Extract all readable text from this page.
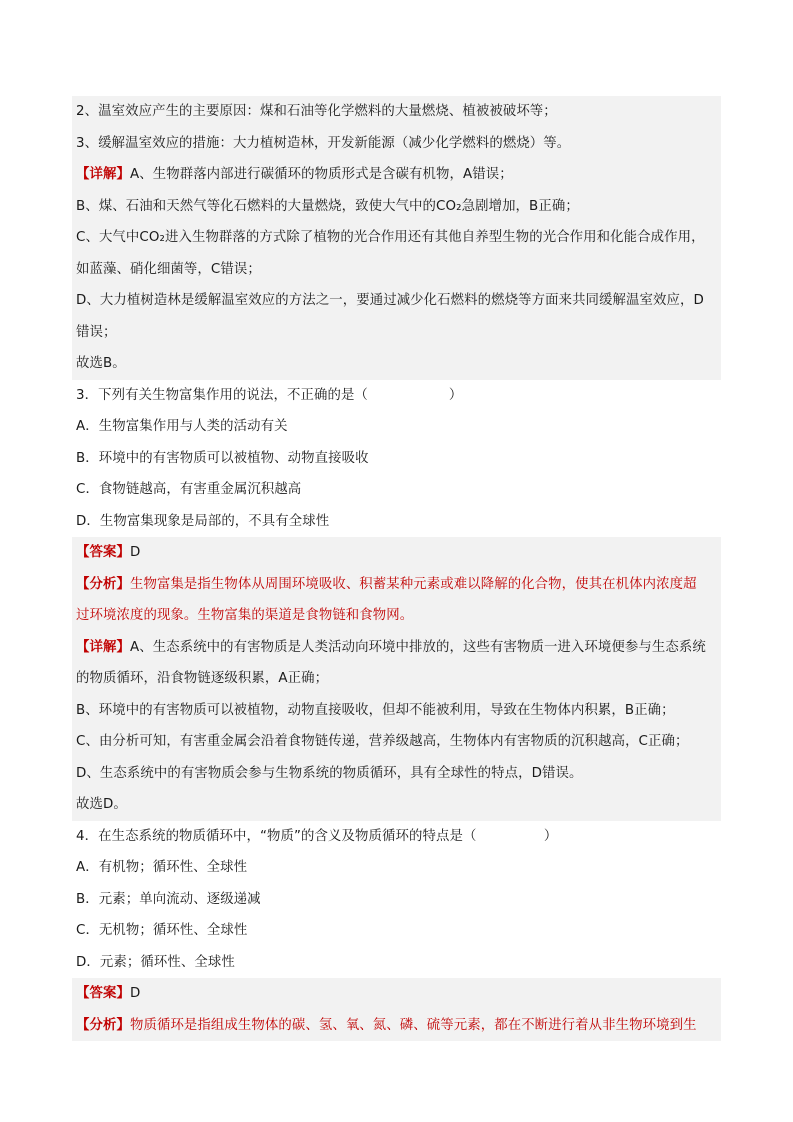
2、温室效应产生的主要原因：煤和石油等化学燃料的大量燃烧、植被被破坏等；
3、缓解温室效应的措施：大力植树造林，开发新能源（减少化学燃料的燃烧）等。
【详解】A、生物群落内部进行碳循环的物质形式是含碳有机物，A错误；
B、煤、石油和天然气等化石燃料的大量燃烧，致使大气中的CO₂急剧增加，B正确；
C、大气中CO₂进入生物群落的方式除了植物的光合作用还有其他自养型生物的光合作用和化能合成作用，
如蓝藻、硝化细菌等，C错误；
D、大力植树造林是缓解温室效应的方法之一，要通过减少化石燃料的燃烧等方面来共同缓解温室效应，D
错误；
故选B。
3．下列有关生物富集作用的说法，不正确的是（　　　　　　）
A．生物富集作用与人类的活动有关
B．环境中的有害物质可以被植物、动物直接吸收
C．食物链越高，有害重金属沉积越高
D．生物富集现象是局部的，不具有全球性
【答案】D
【分析】生物富集是指生物体从周围环境吸收、积蓄某种元素或难以降解的化合物，使其在机体内浓度超
过环境浓度的现象。生物富集的渠道是食物链和食物网。
【详解】A、生态系统中的有害物质是人类活动向环境中排放的，这些有害物质一进入环境便参与生态系统
的物质循环，沿食物链逐级积累，A正确；
B、环境中的有害物质可以被植物，动物直接吸收，但却不能被利用，导致在生物体内积累，B正确；
C、由分析可知，有害重金属会沿着食物链传递，营养级越高，生物体内有害物质的沉积越高，C正确；
D、生态系统中的有害物质会参与生物系统的物质循环，具有全球性的特点，D错误。
故选D。
4．在生态系统的物质循环中，“物质”的含义及物质循环的特点是（　　　　　）
A．有机物；循环性、全球性
B．元素；单向流动、逐级递减
C．无机物；循环性、全球性
D．元素；循环性、全球性
【答案】D
【分析】物质循环是指组成生物体的碳、氢、氧、氮、磷、硫等元素，都在不断进行着从非生物环境到生
